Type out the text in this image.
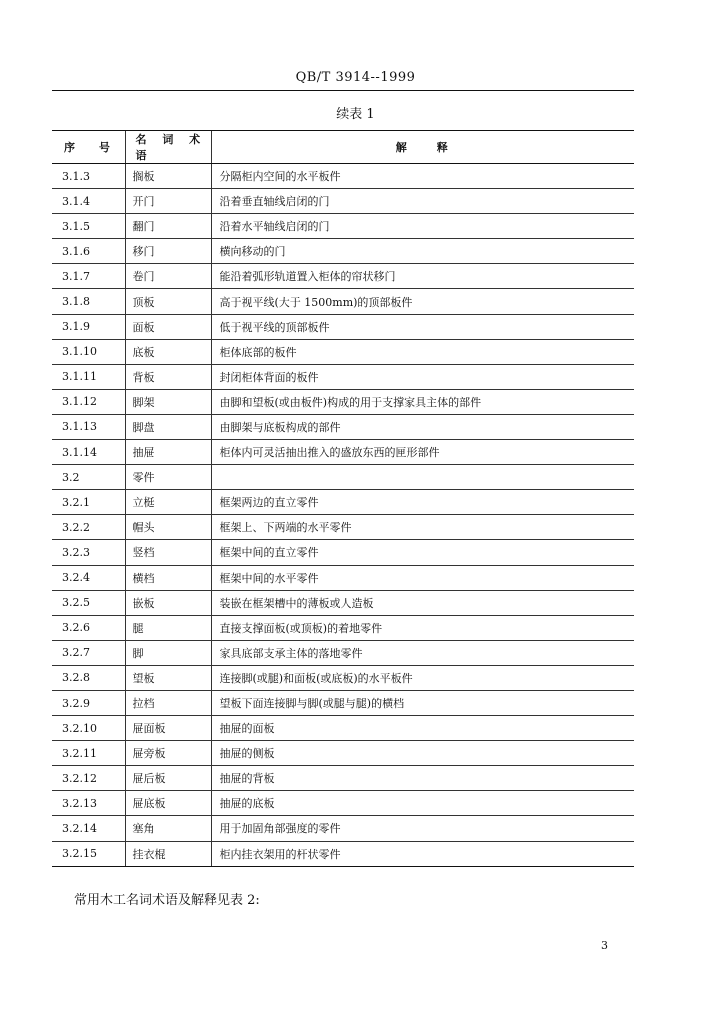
QB/T 3914--1999
续表 1
序 号	名 词 术 语	解 释
3.1.3	搁板	分隔柜内空间的水平板件
3.1.4	开门	沿着垂直轴线启闭的门
3.1.5	翻门	沿着水平轴线启闭的门
3.1.6	移门	横向移动的门
3.1.7	卷门	能沿着弧形轨道置入柜体的帘状移门
3.1.8	顶板	高于视平线(大于 1500mm)的顶部板件
3.1.9	面板	低于视平线的顶部板件
3.1.10	底板	柜体底部的板件
3.1.11	背板	封闭柜体背面的板件
3.1.12	脚架	由脚和望板(或由板件)构成的用于支撑家具主体的部件
3.1.13	脚盘	由脚架与底板构成的部件
3.1.14	抽屉	柜体内可灵活抽出推入的盛放东西的匣形部件
3.2	零件	
3.2.1	立梃	框架两边的直立零件
3.2.2	帽头	框架上、下两端的水平零件
3.2.3	竖档	框架中间的直立零件
3.2.4	横档	框架中间的水平零件
3.2.5	嵌板	装嵌在框架槽中的薄板或人造板
3.2.6	腿	直接支撑面板(或顶板)的着地零件
3.2.7	脚	家具底部支承主体的落地零件
3.2.8	望板	连接脚(或腿)和面板(或底板)的水平板件
3.2.9	拉档	望板下面连接脚与脚(或腿与腿)的横档
3.2.10	屉面板	抽屉的面板
3.2.11	屉旁板	抽屉的侧板
3.2.12	屉后板	抽屉的背板
3.2.13	屉底板	抽屉的底板
3.2.14	塞角	用于加固角部强度的零件
3.2.15	挂衣棍	柜内挂衣架用的杆状零件
常用木工名词术语及解释见表 2:
3
